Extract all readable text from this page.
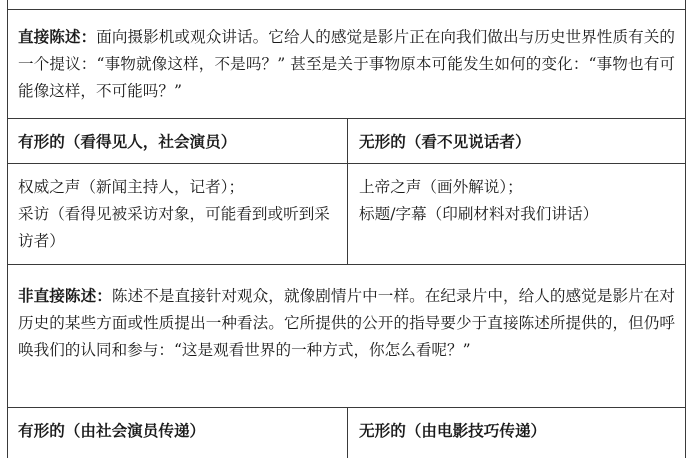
直接陈述：面向摄影机或观众讲话。它给人的感觉是影片正在向我们做出与历史世界性质有关的一个提议：“事物就像这样，不是吗？” 甚至是关于事物原本可能发生如何的变化：“事物也有可能像这样，不可能吗？”
有形的（看得见人，社会演员）	无形的（看不见说话者）
权威之声（新闻主持人，记者）；
采访（看得见被采访对象，可能看到或听到采访者）
上帝之声（画外解说）；
标题/字幕（印刷材料对我们讲话）
非直接陈述：陈述不是直接针对观众，就像剧情片中一样。在纪录片中，给人的感觉是影片在对历史的某些方面或性质提出一种看法。它所提供的公开的指导要少于直接陈述所提供的，但仍呼唤我们的认同和参与：“这是观看世界的一种方式，你怎么看呢？”
有形的（由社会演员传递）	无形的（由电影技巧传递）
